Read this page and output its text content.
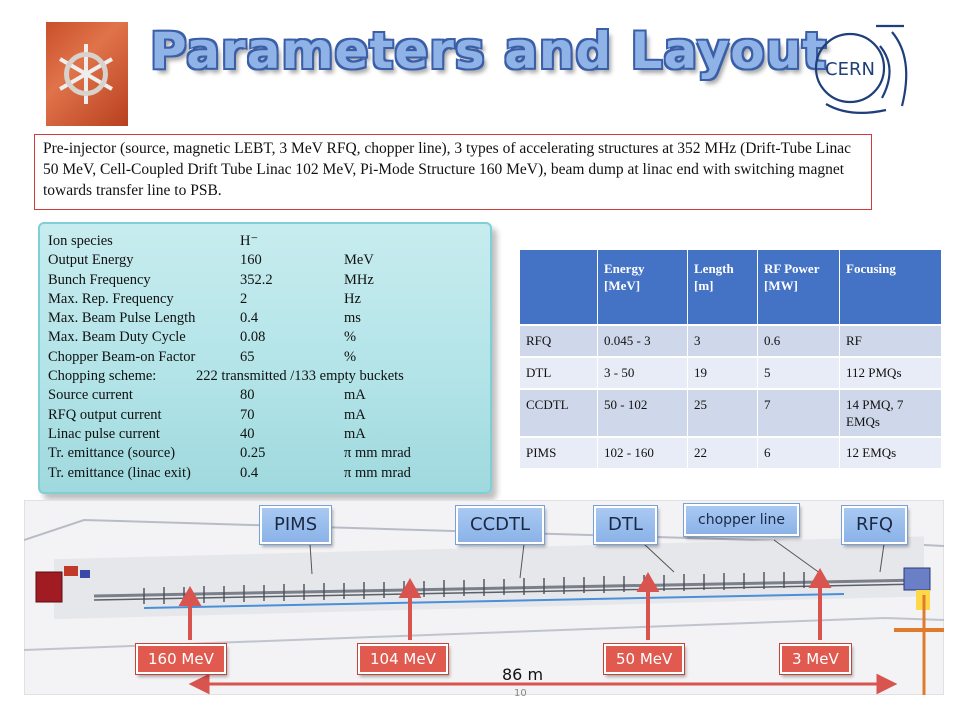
Parameters and Layout
CERN
Pre-injector (source, magnetic LEBT, 3 MeV RFQ, chopper line), 3 types of accelerating structures at 352 MHz (Drift-Tube Linac 50 MeV, Cell-Coupled Drift Tube Linac 102 MeV, Pi-Mode Structure 160 MeV), beam dump at linac end with switching magnet towards transfer line to PSB.
Ion species	H⁻
Output Energy	160	MeV
Bunch Frequency	352.2	MHz
Max. Rep. Frequency	2	Hz
Max. Beam Pulse Length	0.4	ms
Max. Beam Duty Cycle	0.08	%
Chopper Beam-on Factor	65	%
Chopping scheme:	222 transmitted /133 empty buckets
Source current	80	mA
RFQ output current	70	mA
Linac pulse current	40	mA
Tr. emittance (source)	0.25	π mm mrad
Tr. emittance (linac exit)	0.4	π mm mrad
	Energy [MeV]	Length [m]	RF Power [MW]	Focusing
RFQ	0.045 - 3	3	0.6	RF
DTL	3 - 50	19	5	112 PMQs
CCDTL	50 - 102	25	7	14 PMQ, 7 EMQs
PIMS	102 - 160	22	6	12 EMQs
PIMS	CCDTL	DTL	chopper line	RFQ
160 MeV	104 MeV	50 MeV	3 MeV
86 m
10
